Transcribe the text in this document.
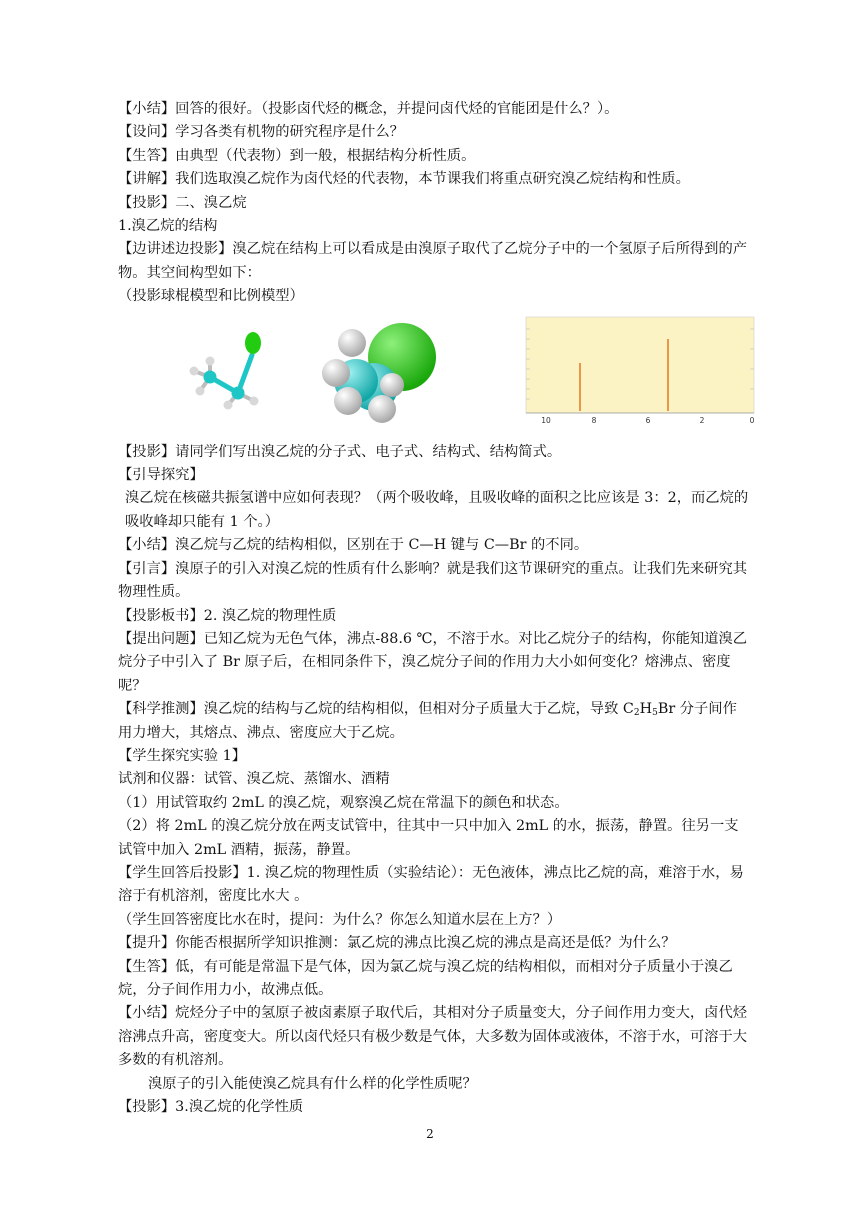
【小结】回答的很好。（投影卤代烃的概念，并提问卤代烃的官能团是什么？）。
【设问】学习各类有机物的研究程序是什么？
【生答】由典型（代表物）到一般，根据结构分析性质。
【讲解】我们选取溴乙烷作为卤代烃的代表物，本节课我们将重点研究溴乙烷结构和性质。
【投影】二、溴乙烷
1.溴乙烷的结构
【边讲述边投影】溴乙烷在结构上可以看成是由溴原子取代了乙烷分子中的一个氢原子后所得到的产物。其空间构型如下：
（投影球棍模型和比例模型）
10	8	6	2	0
【投影】请同学们写出溴乙烷的分子式、电子式、结构式、结构简式。
【引导探究】
溴乙烷在核磁共振氢谱中应如何表现？（两个吸收峰，且吸收峰的面积之比应该是 3：2，而乙烷的吸收峰却只能有 1 个。）
【小结】溴乙烷与乙烷的结构相似，区别在于 C—H 键与 C—Br 的不同。
【引言】溴原子的引入对溴乙烷的性质有什么影响？就是我们这节课研究的重点。让我们先来研究其物理性质。
【投影板书】2. 溴乙烷的物理性质
【提出问题】已知乙烷为无色气体，沸点-88.6 ℃，不溶于水。对比乙烷分子的结构，你能知道溴乙烷分子中引入了 Br 原子后，在相同条件下，溴乙烷分子间的作用力大小如何变化？熔沸点、密度呢？
【科学推测】溴乙烷的结构与乙烷的结构相似，但相对分子质量大于乙烷，导致 $C_2H_5Br$ 分子间作用力增大，其熔点、沸点、密度应大于乙烷。
【学生探究实验 1】
试剂和仪器：试管、溴乙烷、蒸馏水、酒精
（1）用试管取约 2mL 的溴乙烷，观察溴乙烷在常温下的颜色和状态。
（2）将 2mL 的溴乙烷分放在两支试管中，往其中一只中加入 2mL 的水，振荡，静置。往另一支试管中加入 2mL 酒精，振荡，静置。
【学生回答后投影】1. 溴乙烷的物理性质（实验结论）：无色液体，沸点比乙烷的高，难溶于水，易溶于有机溶剂，密度比水大 。
（学生回答密度比水在时，提问：为什么？你怎么知道水层在上方？）
【提升】你能否根据所学知识推测：氯乙烷的沸点比溴乙烷的沸点是高还是低？为什么？
【生答】低，有可能是常温下是气体，因为氯乙烷与溴乙烷的结构相似，而相对分子质量小于溴乙烷，分子间作用力小，故沸点低。
【小结】烷烃分子中的氢原子被卤素原子取代后，其相对分子质量变大，分子间作用力变大，卤代烃溶沸点升高，密度变大。所以卤代烃只有极少数是气体，大多数为固体或液体，不溶于水，可溶于大多数的有机溶剂。
溴原子的引入能使溴乙烷具有什么样的化学性质呢？
【投影】3.溴乙烷的化学性质
2
